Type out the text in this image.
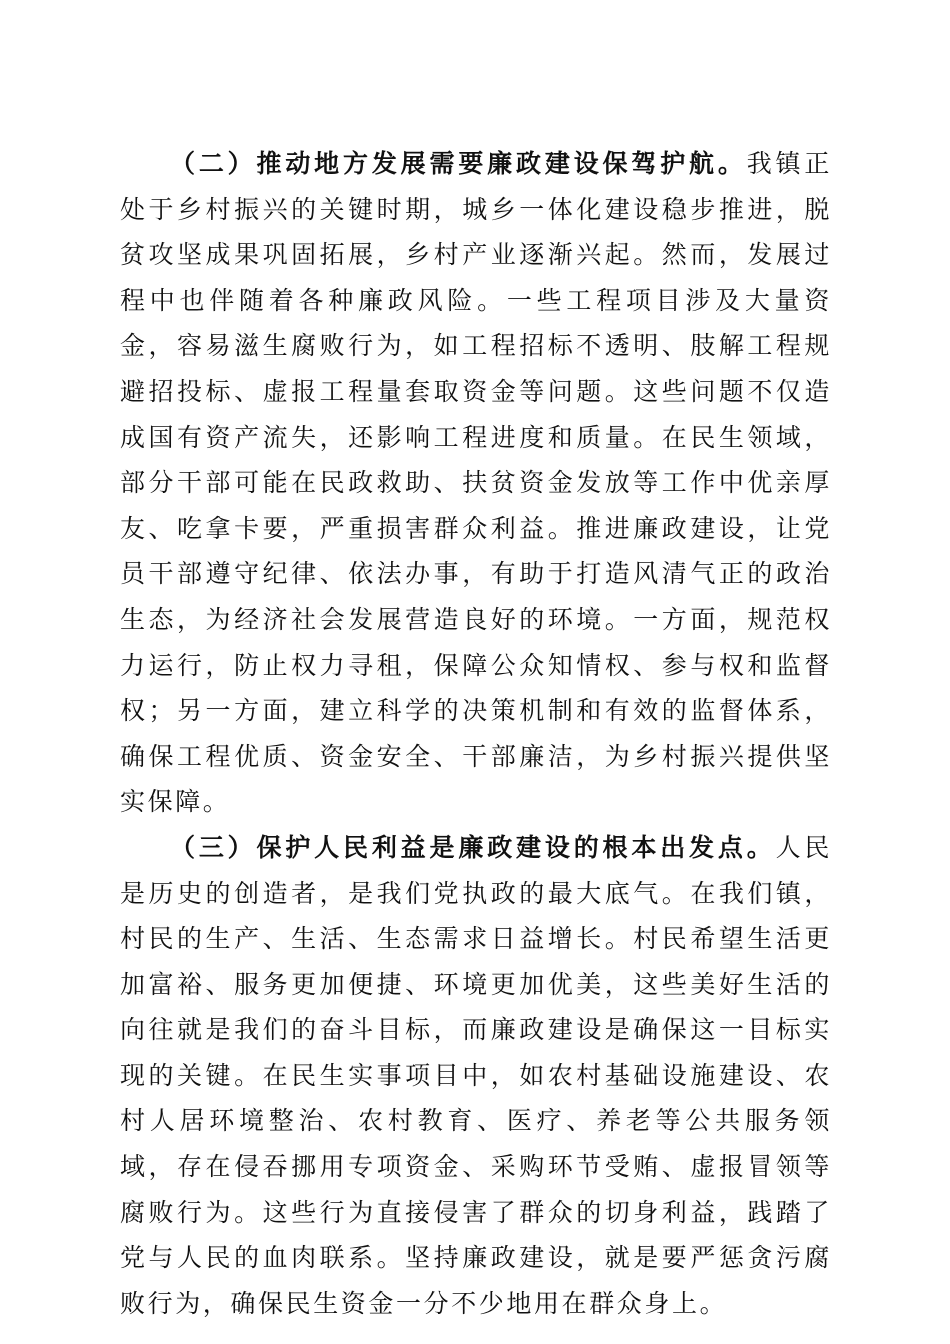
（二）推动地方发展需要廉政建设保驾护航。我镇正处于乡村振兴的关键时期，城乡一体化建设稳步推进，脱贫攻坚成果巩固拓展，乡村产业逐渐兴起。然而，发展过程中也伴随着各种廉政风险。一些工程项目涉及大量资金，容易滋生腐败行为，如工程招标不透明、肢解工程规避招投标、虚报工程量套取资金等问题。这些问题不仅造成国有资产流失，还影响工程进度和质量。在民生领域，部分干部可能在民政救助、扶贫资金发放等工作中优亲厚友、吃拿卡要，严重损害群众利益。推进廉政建设，让党员干部遵守纪律、依法办事，有助于打造风清气正的政治生态，为经济社会发展营造良好的环境。一方面，规范权力运行，防止权力寻租，保障公众知情权、参与权和监督权；另一方面，建立科学的决策机制和有效的监督体系，确保工程优质、资金安全、干部廉洁，为乡村振兴提供坚实保障。

（三）保护人民利益是廉政建设的根本出发点。人民是历史的创造者，是我们党执政的最大底气。在我们镇，村民的生产、生活、生态需求日益增长。村民希望生活更加富裕、服务更加便捷、环境更加优美，这些美好生活的向往就是我们的奋斗目标，而廉政建设是确保这一目标实现的关键。在民生实事项目中，如农村基础设施建设、农村人居环境整治、农村教育、医疗、养老等公共服务领域，存在侵吞挪用专项资金、采购环节受贿、虚报冒领等腐败行为。这些行为直接侵害了群众的切身利益，践踏了党与人民的血肉联系。坚持廉政建设，就是要严惩贪污腐败行为，确保民生资金一分不少地用在群众身上。
